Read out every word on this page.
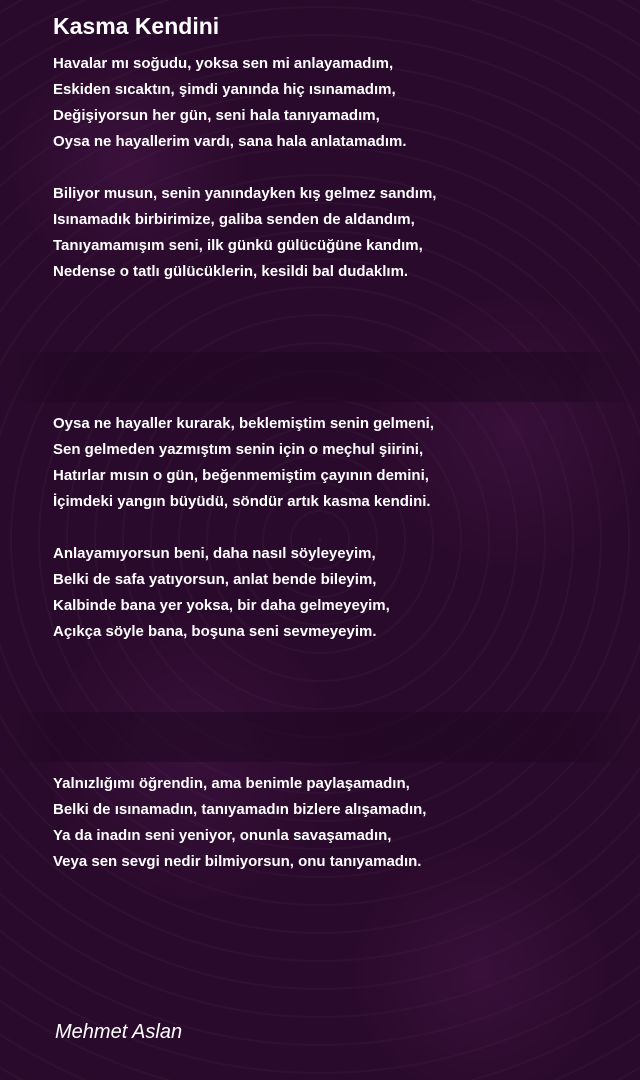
Kasma Kendini
Havalar mı soğudu, yoksa sen mi anlayamadım,
Eskiden sıcaktın, şimdi yanında hiç ısınamadım,
Değişiyorsun her gün, seni hala tanıyamadım,
Oysa ne hayallerim vardı, sana hala anlatamadım.
Biliyor musun, senin yanındayken kış gelmez sandım,
Isınamadık birbirimize, galiba senden de aldandım,
Tanıyamamışım seni, ilk günkü gülücüğüne kandım,
Nedense o tatlı gülücüklerin, kesildi bal dudaklım.
Oysa ne hayaller kurarak, beklemiştim senin gelmeni,
Sen gelmeden yazmıştım senin için o meçhul şiirini,
Hatırlar mısın o gün, beğenmemiştim çayının demini,
İçimdeki yangın büyüdü, söndür artık kasma kendini.
Anlayamıyorsun beni, daha nasıl söyleyeyim,
Belki de safa yatıyorsun, anlat bende bileyim,
Kalbinde bana yer yoksa, bir daha gelmeyeyim,
Açıkça söyle bana, boşuna seni sevmeyeyim.
Yalnızlığımı öğrendin, ama benimle paylaşamadın,
Belki de ısınamadın, tanıyamadın bizlere alışamadın,
Ya da inadın seni yeniyor, onunla savaşamadın,
Veya sen sevgi nedir bilmiyorsun, onu tanıyamadın.

Mehmet Aslan
